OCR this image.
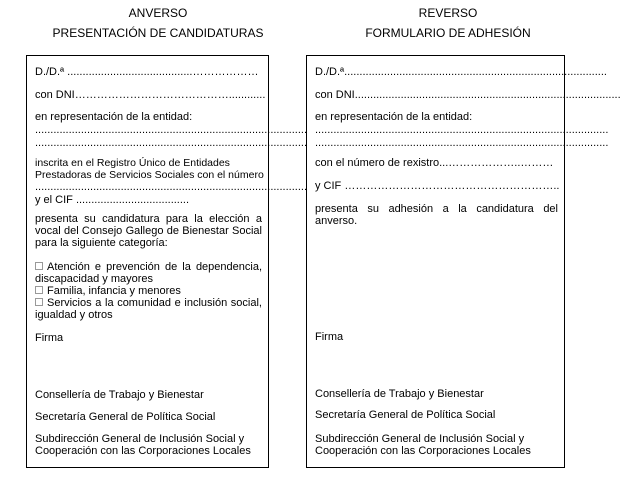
ANVERSO
PRESENTACIÓN DE CANDIDATURAS
REVERSO
FORMULARIO DE ADHESIÓN
D./D.ª .........................................………………
con DNI……………………………………............
en representación de la entidad:
.........................................................................................
.........................................................................................
inscrita en el Registro Único de Entidades
Prestadoras de Servicios Sociales con el número
.........................................................................................
y el CIF .....................................
presenta su candidatura para la elección a vocal del Consejo Gallego de Bienestar Social para la siguiente categoría:
Atención e prevención de la dependencia, discapacidad y mayores
Familia, infancia y menores
Servicios a la comunidad e inclusión social, igualdad y otros
Firma
Consellería de Trabajo y Bienestar
Secretaría General de Política Social
Subdirección General de Inclusión Social y
Cooperación con las Corporaciones Locales
D./D.ª......................................................................................
con DNI.......................................................................................
en representación de la entidad:
................................................................................................
................................................................................................
con el número de rexistro...………………..………
y CIF …………………………………………………..
presenta su adhesión a la candidatura del anverso.
Firma
Consellería de Trabajo y Bienestar
Secretaría General de Política Social
Subdirección General de Inclusión Social y
Cooperación con las Corporaciones Locales
